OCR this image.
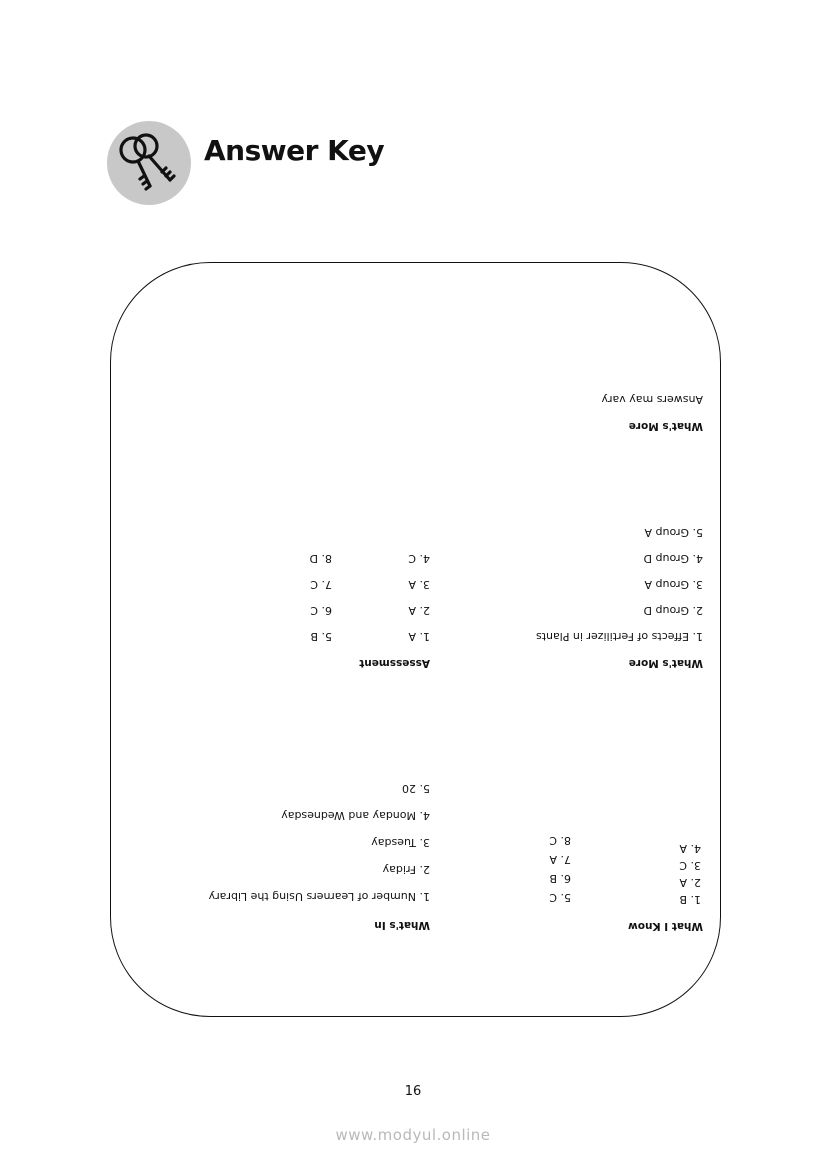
Answer Key
What I Know
1. B
2. A
3. C
4. A
5. C
6. B
7. A
8. C
What's In
1. Number of Learners Using the Library
2. Friday
3. Tuesday
4. Monday and Wednesday
5. 20
What's More
1. Effects of Fertilizer in Plants
2. Group D
3. Group A
4. Group D
5. Group A
Assessment
1. A
2. A
3. A
4. C
5. B
6. C
7. C
8. D
What's More
Answers may vary
16
www.modyul.online
